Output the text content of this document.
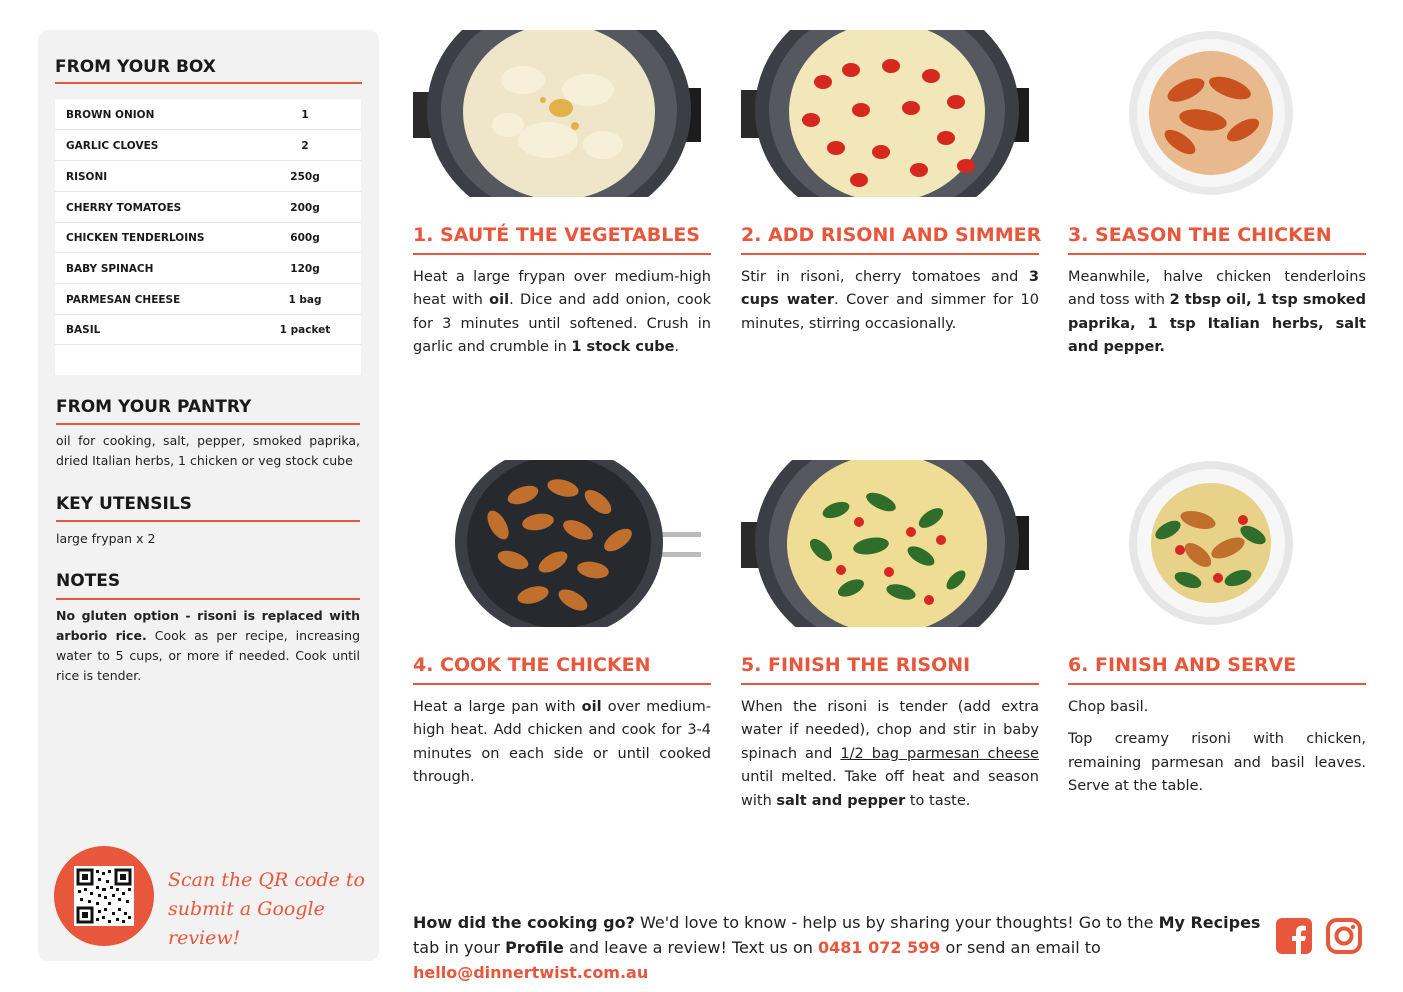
FROM YOUR BOX
BROWN ONION	1
GARLIC CLOVES	2
RISONI	250g
CHERRY TOMATOES	200g
CHICKEN TENDERLOINS	600g
BABY SPINACH	120g
PARMESAN CHEESE	1 bag
BASIL	1 packet
FROM YOUR PANTRY
oil for cooking, salt, pepper, smoked paprika, dried Italian herbs, 1 chicken or veg stock cube
KEY UTENSILS
large frypan x 2
NOTES
No gluten option - risoni is replaced with arborio rice. Cook as per recipe, increasing water to 5 cups, or more if needed. Cook until rice is tender.
Scan the QR code to
submit a Google review!
1. SAUTÉ THE VEGETABLES
Heat a large frypan over medium-high heat with oil. Dice and add onion, cook for 3 minutes until softened. Crush in garlic and crumble in 1 stock cube.
2. ADD RISONI AND SIMMER
Stir in risoni, cherry tomatoes and 3 cups water. Cover and simmer for 10 minutes, stirring occasionally.
3. SEASON THE CHICKEN
Meanwhile, halve chicken tenderloins and toss with 2 tbsp oil, 1 tsp smoked paprika, 1 tsp Italian herbs, salt and pepper.
4. COOK THE CHICKEN
Heat a large pan with oil over medium-high heat. Add chicken and cook for 3-4 minutes on each side or until cooked through.
5. FINISH THE RISONI
When the risoni is tender (add extra water if needed), chop and stir in baby spinach and 1/2 bag parmesan cheese until melted. Take off heat and season with salt and pepper to taste.
6. FINISH AND SERVE

Chop basil.

Top creamy risoni with chicken, remaining parmesan and basil leaves. Serve at the table.

How did the cooking go? We'd love to know - help us by sharing your thoughts! Go to the My Recipes tab in your Profile and leave a review! Text us on 0481 072 599 or send an email to hello@dinnertwist.com.au
